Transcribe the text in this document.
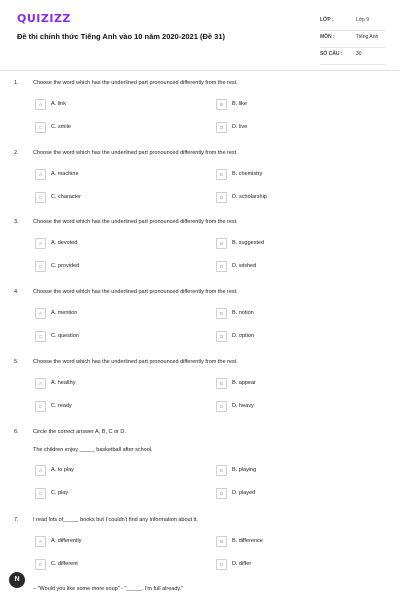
QUIZIZZ
Đề thi chính thức Tiếng Anh vào 10 năm 2020-2021 (Đề 31)
LỚP :	Lớp 9
MÔN :	Tiếng Anh
SỐ CÂU :	30
1.	Choose the word which has the underlined part pronounced differently from the rest.
A	A. link	B	B. like
C	C. smile	D	D. live
2.	Choose the word which has the underlined part pronounced differently from the rest.
A	A. machine	B	B. chemistry
C	C. character	D	D. scholarship
3.	Choose the word which has the underlined part pronounced differently from the rest.
A	A. devoted	B	B. suggested
C	C. provided	D	D. wished
4.	Choose the word which has the underlined part pronounced differently from the rest.
A	A. mention	B	B. notion
C	C. question	D	D. option
5.	Choose the word which has the underlined part pronounced differently from the rest.
A	A. healthy	B	B. appear
C	C. ready	D	D. heavy
6.	Circle the correct answer A, B, C or D.
The children enjoy _____ basketball after school.
A	A. to play	B	B. playing
C	C. play	D	D. played
7.	I read lots of_____ books but I couldn't find any information about it.
A	A. differently	B	B. difference
C	C. different	D	D. differ
– "Would you like some more soup" - "_____. I'm full already."
N
